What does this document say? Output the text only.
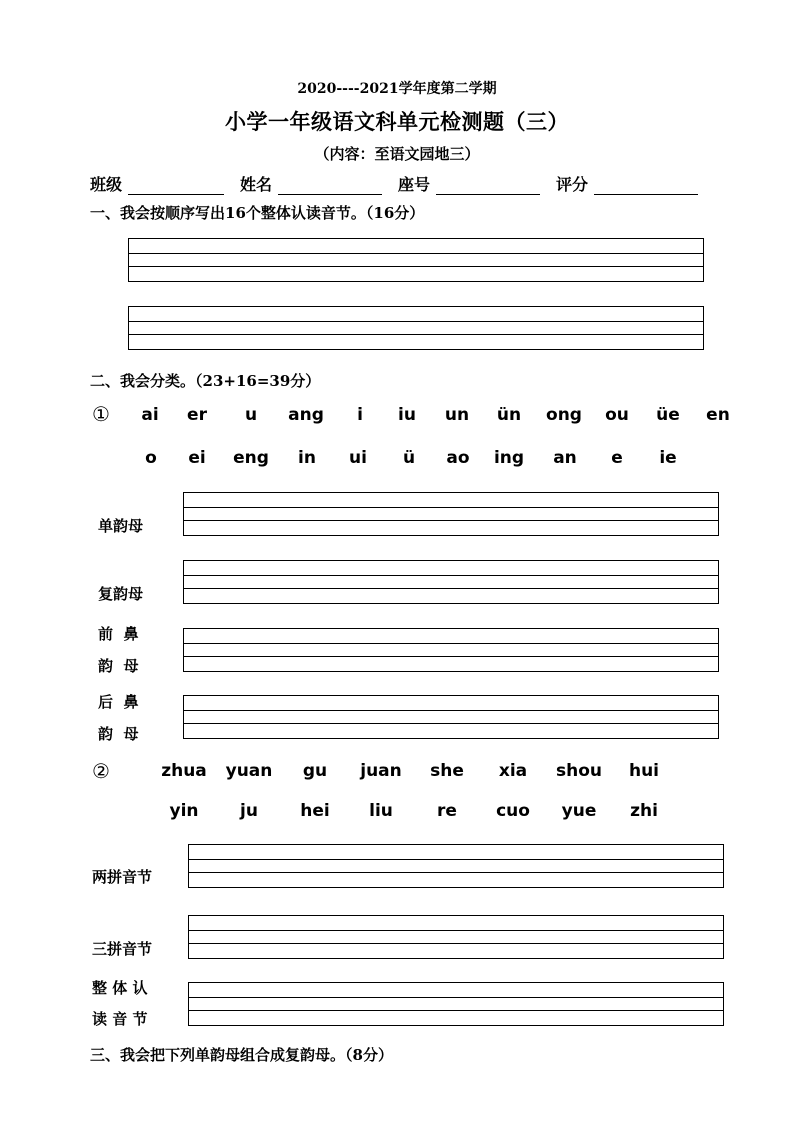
2020----2021学年度第二学期
小学一年级语文科单元检测题（三）
（内容：至语文园地三）
班级	姓名	座号	评分
一、我会按顺序写出16个整体认读音节。（16分）
二、我会分类。（23+16=39分）
① ai er u ang i iu un ün ong ou üe en
o ei eng in ui ü ao ing an e ie
单韵母
复韵母
前  鼻
韵  母
后  鼻
韵  母
②	zhua yuan gu juan she xia shou hui
yin ju hei liu	re cuo yue zhi
两拼音节
三拼音节
整 体 认
读 音 节
三、我会把下列单韵母组合成复韵母。（8分）
